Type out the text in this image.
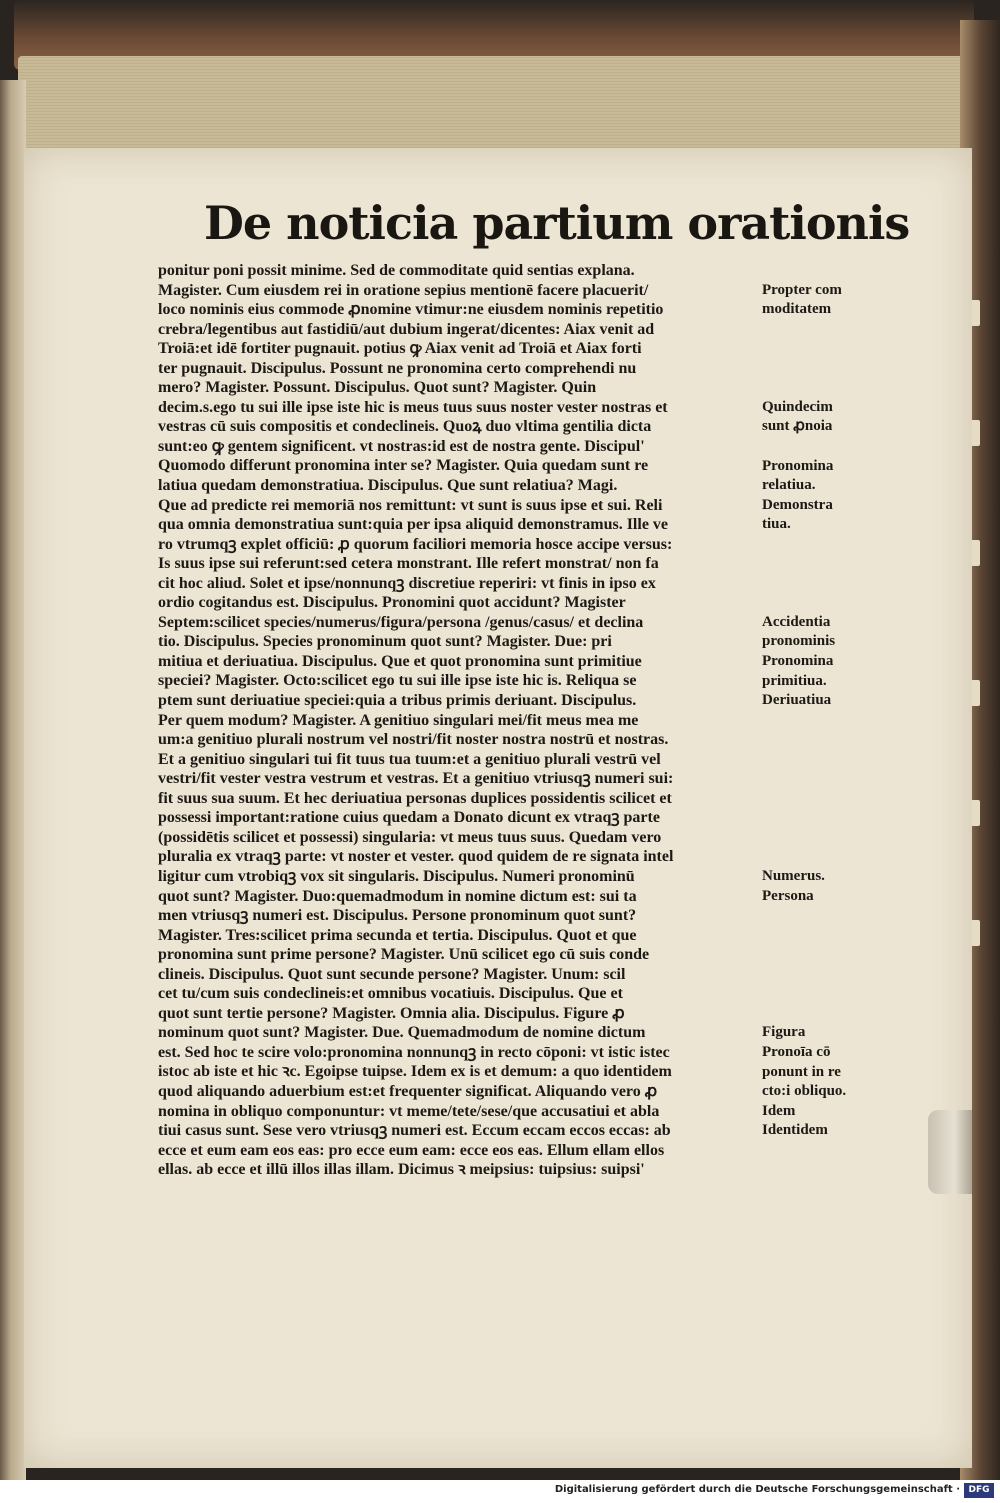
De noticia partium orationis
ponitur poni possit minime. Sed de commoditate quid sentias explana.
Magister. Cum eiusdem rei in oratione sepius mentionē facere placuerit/
loco nominis eius commode ꝓnomine vtimur:ne eiusdem nominis repetitio
crebra/legentibus aut fastidiū/aut dubium ingerat/dicentes: Aiax venit ad
Troiā:et idē fortiter pugnauit. potius ꝙ Aiax venit ad Troiā et Aiax forti
ter pugnauit. Discipulus. Possunt ne pronomina certo comprehendi nu
mero? Magister. Possunt. Discipulus. Quot sunt? Magister. Quin
decim.s.ego tu sui ille ipse iste hic is meus tuus suus noster vester nostras et
vestras cū suis compositis et condeclineis. Quoꝝ duo vltima gentilia dicta
sunt:eo ꝙ gentem significent. vt nostras:id est de nostra gente. Discipul'
Quomodo differunt pronomina inter se? Magister. Quia quedam sunt re
latiua quedam demonstratiua. Discipulus. Que sunt relatiua? Magi.
Que ad predicte rei memoriā nos remittunt: vt sunt is suus ipse et sui. Reli
qua omnia demonstratiua sunt:quia per ipsa aliquid demonstramus. Ille ve
ro vtrumqꝫ explet officiū: ꝓ quorum faciliori memoria hosce accipe versus:
Is suus ipse sui referunt:sed cetera monstrant. Ille refert monstrat/ non fa
cit hoc aliud. Solet et ipse/nonnunqꝫ discretiue reperiri: vt finis in ipso ex
ordio cogitandus est. Discipulus. Pronomini quot accidunt? Magister
Septem:scilicet species/numerus/figura/persona /genus/casus/ et declina
tio. Discipulus. Species pronominum quot sunt? Magister. Due: pri
mitiua et deriuatiua. Discipulus. Que et quot pronomina sunt primitiue
speciei? Magister. Octo:scilicet ego tu sui ille ipse iste hic is. Reliqua se
ptem sunt deriuatiue speciei:quia a tribus primis deriuant. Discipulus.
Per quem modum? Magister. A genitiuo singulari mei/fit meus mea me
um:a genitiuo plurali nostrum vel nostri/fit noster nostra nostrū et nostras.
Et a genitiuo singulari tui fit tuus tua tuum:et a genitiuo plurali vestrū vel
vestri/fit vester vestra vestrum et vestras. Et a genitiuo vtriusqꝫ numeri sui:
fit suus sua suum. Et hec deriuatiua personas duplices possidentis scilicet et
possessi important:ratione cuius quedam a Donato dicunt ex vtraqꝫ parte
(possidētis scilicet et possessi) singularia: vt meus tuus suus. Quedam vero
pluralia ex vtraqꝫ parte: vt noster et vester. quod quidem de re signata intel
ligitur cum vtrobiqꝫ vox sit singularis. Discipulus. Numeri pronominū
quot sunt? Magister. Duo:quemadmodum in nomine dictum est: sui ta
men vtriusqꝫ numeri est. Discipulus. Persone pronominum quot sunt?
Magister. Tres:scilicet prima secunda et tertia. Discipulus. Quot et que
pronomina sunt prime persone? Magister. Unū scilicet ego cū suis conde
clineis. Discipulus. Quot sunt secunde persone? Magister. Unum: scil
cet tu/cum suis condeclineis:et omnibus vocatiuis. Discipulus. Que et
quot sunt tertie persone? Magister. Omnia alia. Discipulus. Figure ꝓ
nominum quot sunt? Magister. Due. Quemadmodum de nomine dictum
est. Sed hoc te scire volo:pronomina nonnunqꝫ in recto cōponi: vt istic istec
istoc ab iste et hic ꝛc. Egoipse tuipse. Idem ex is et demum: a quo identidem
quod aliquando aduerbium est:et frequenter significat. Aliquando vero ꝓ
nomina in obliquo componuntur: vt meme/tete/sese/que accusatiui et abla
tiui casus sunt. Sese vero vtriusqꝫ numeri est. Eccum eccam eccos eccas: ab
ecce et eum eam eos eas: pro ecce eum eam: ecce eos eas. Ellum ellam ellos
ellas. ab ecce et illū illos illas illam. Dicimus ꝛ meipsius: tuipsius: suipsi'
Propter com
moditatem
Quindecim
sunt ꝓnoia
Pronomina
relatiua.
Demonstra
tiua.
Accidentia
pronominis
Pronomina
primitiua.
Deriuatiua
Numerus.
Persona
Figura
Pronoīa cō
ponunt in re
cto:i obliquo.
Idem
Identidem
Digitalisierung gefördert durch die Deutsche Forschungsgemeinschaft · DFG
